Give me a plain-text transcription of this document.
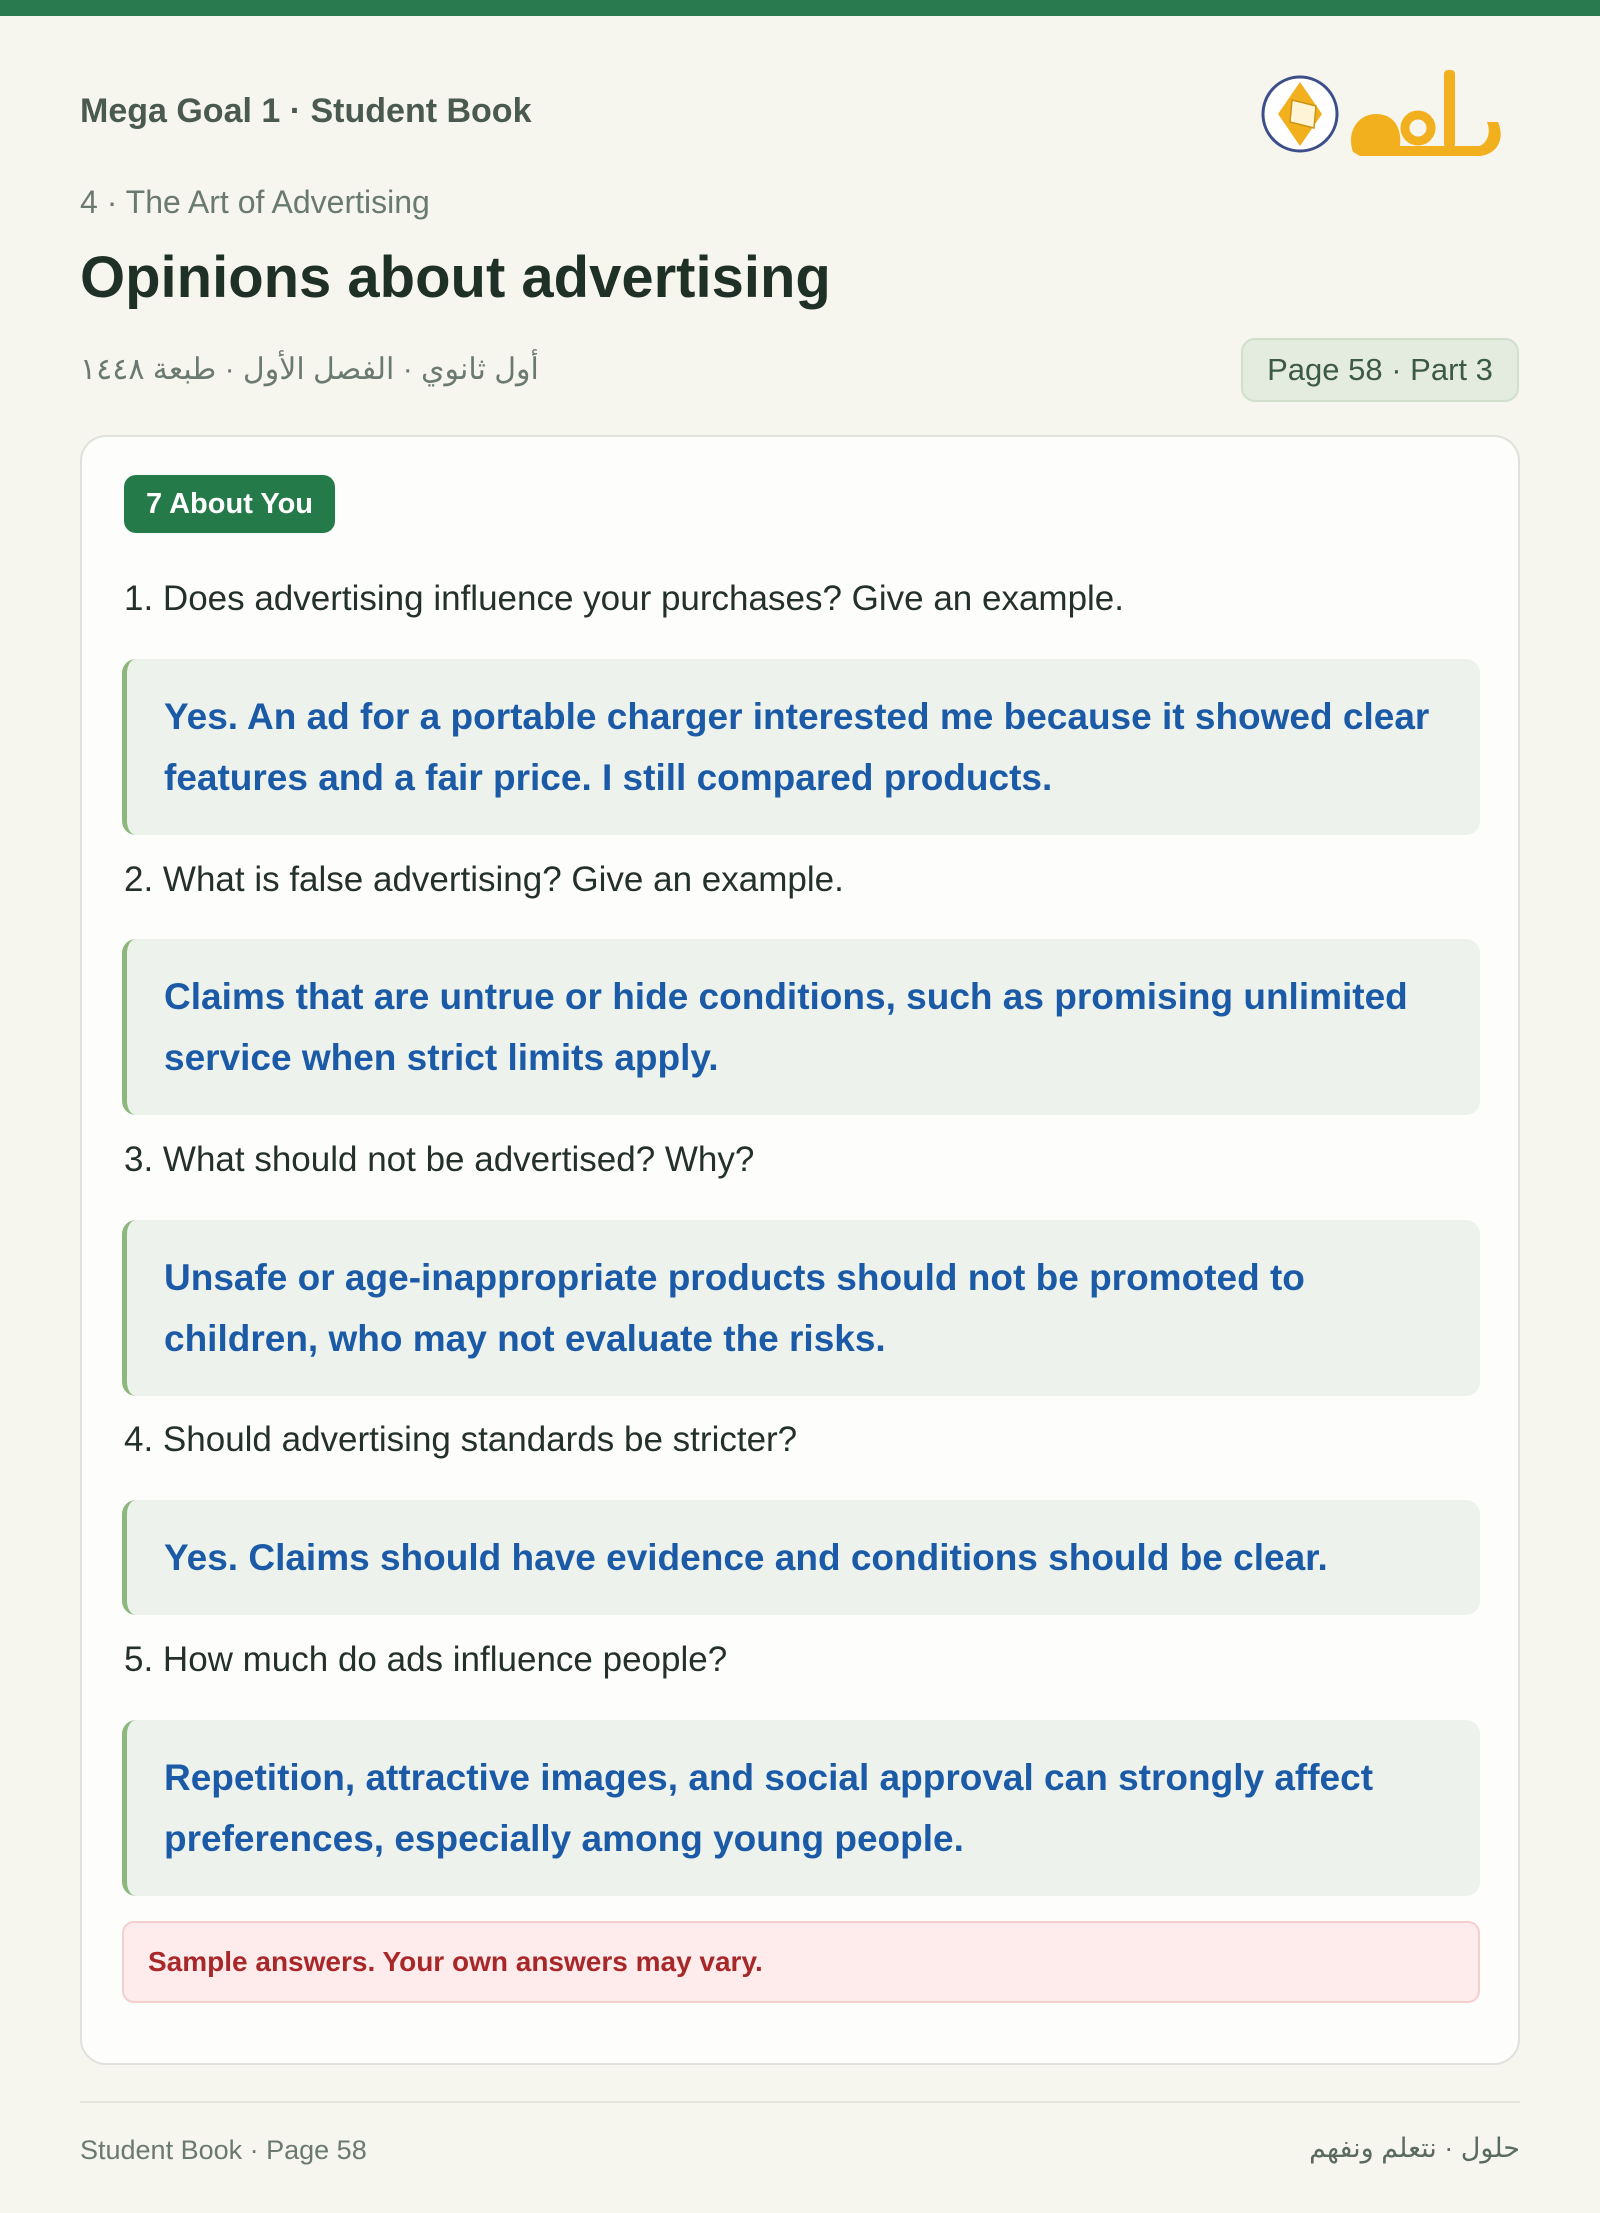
Mega Goal 1 · Student Book
4 · The Art of Advertising
Opinions about advertising
أول ثانوي · الفصل الأول · طبعة ١٤٤٨	Page 58 · Part 3
7 About You
1. Does advertising influence your purchases? Give an example.
Yes. An ad for a portable charger interested me because it showed clear features and a fair price. I still compared products.
2. What is false advertising? Give an example.
Claims that are untrue or hide conditions, such as promising unlimited service when strict limits apply.
3. What should not be advertised? Why?
Unsafe or age-inappropriate products should not be promoted to children, who may not evaluate the risks.
4. Should advertising standards be stricter?
Yes. Claims should have evidence and conditions should be clear.
5. How much do ads influence people?
Repetition, attractive images, and social approval can strongly affect preferences, especially among young people.
Sample answers. Your own answers may vary.
Student Book · Page 58	حلول · نتعلم ونفهم
